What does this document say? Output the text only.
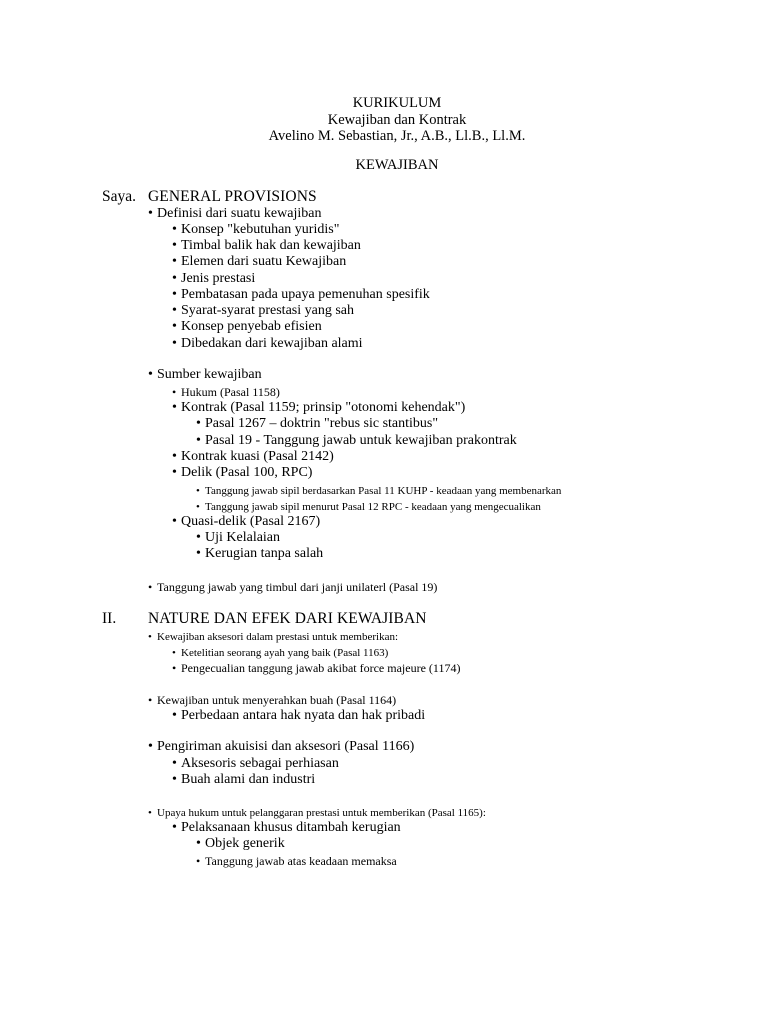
KURIKULUM
Kewajiban dan Kontrak
Avelino M. Sebastian, Jr., A.B., Ll.B., Ll.M.
KEWAJIBAN
Saya. GENERAL PROVISIONS
• Definisi dari suatu kewajiban
• Konsep "kebutuhan yuridis"
• Timbal balik hak dan kewajiban
• Elemen dari suatu Kewajiban
• Jenis prestasi
• Pembatasan pada upaya pemenuhan spesifik
• Syarat-syarat prestasi yang sah
• Konsep penyebab efisien
• Dibedakan dari kewajiban alami
• Sumber kewajiban
• Hukum (Pasal 1158)
• Kontrak (Pasal 1159; prinsip "otonomi kehendak")
• Pasal 1267 – doktrin "rebus sic stantibus"
• Pasal 19 - Tanggung jawab untuk kewajiban prakontrak
• Kontrak kuasi (Pasal 2142)
• Delik (Pasal 100, RPC)
• Tanggung jawab sipil berdasarkan Pasal 11 KUHP - keadaan yang membenarkan
• Tanggung jawab sipil menurut Pasal 12 RPC - keadaan yang mengecualikan
• Quasi-delik (Pasal 2167)
• Uji Kelalaian
• Kerugian tanpa salah
• Tanggung jawab yang timbul dari janji unilaterl (Pasal 19)
II. NATURE DAN EFEK DARI KEWAJIBAN
• Kewajiban aksesori dalam prestasi untuk memberikan:
• Ketelitian seorang ayah yang baik (Pasal 1163)
• Pengecualian tanggung jawab akibat force majeure (1174)
• Kewajiban untuk menyerahkan buah (Pasal 1164)
• Perbedaan antara hak nyata dan hak pribadi
• Pengiriman akuisisi dan aksesori (Pasal 1166)
• Aksesoris sebagai perhiasan
• Buah alami dan industri
• Upaya hukum untuk pelanggaran prestasi untuk memberikan (Pasal 1165):
• Pelaksanaan khusus ditambah kerugian
• Objek generik
• Tanggung jawab atas keadaan memaksa
